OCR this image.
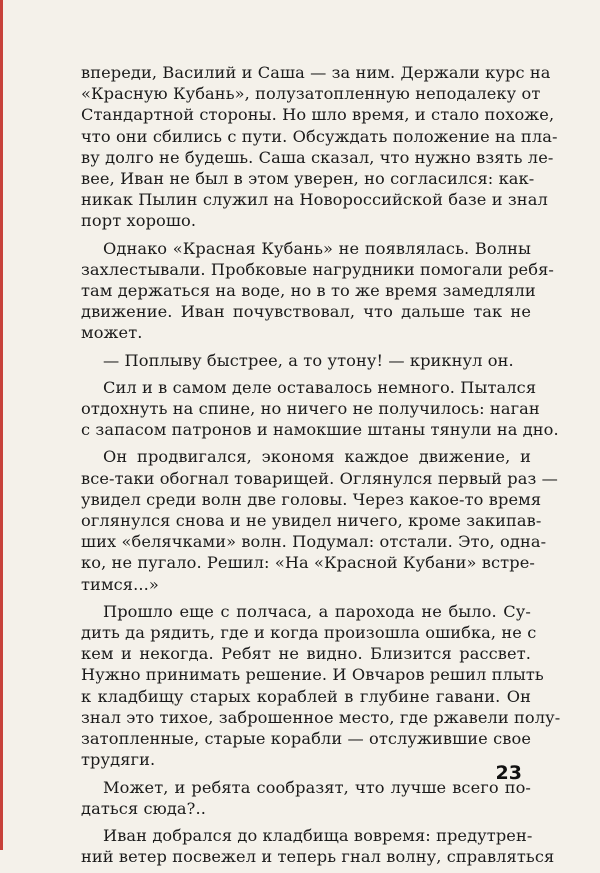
впереди, Василий и Саша — за ним. Держали курс на
«Красную Кубань», полузатопленную неподалеку от
Стандартной стороны. Но шло время, и стало похоже,
что они сбились с пути. Обсуждать положение на пла-
ву долго не будешь. Саша сказал, что нужно взять ле-
вее, Иван не был в этом уверен, но согласился: как-
никак Пылин служил на Новороссийской базе и знал
порт хорошо.
Однако «Красная Кубань» не появлялась. Волны
захлестывали. Пробковые нагрудники помогали ребя-
там держаться на воде, но в то же время замедляли
движение. Иван почувствовал, что дальше так не
может.
— Поплыву быстрее, а то утону! — крикнул он.
Сил и в самом деле оставалось немного. Пытался
отдохнуть на спине, но ничего не получилось: наган
с запасом патронов и намокшие штаны тянули на дно.
Он продвигался, экономя каждое движение, и
все-таки обогнал товарищей. Оглянулся первый раз —
увидел среди волн две головы. Через какое-то время
оглянулся снова и не увидел ничего, кроме закипав-
ших «белячками» волн. Подумал: отстали. Это, одна-
ко, не пугало. Решил: «На «Красной Кубани» встре-
тимся...»
Прошло еще с полчаса, а парохода не было. Су-
дить да рядить, где и когда произошла ошибка, не с
кем и некогда. Ребят не видно. Близится рассвет.
Нужно принимать решение. И Овчаров решил плыть
к кладбищу старых кораблей в глубине гавани. Он
знал это тихое, заброшенное место, где ржавели полу-
затопленные, старые корабли — отслужившие свое
трудяги.
Может, и ребята сообразят, что лучше всего по-
даться сюда?..
Иван добрался до кладбища вовремя: предутрен-
ний ветер посвежел и теперь гнал волну, справляться
23
